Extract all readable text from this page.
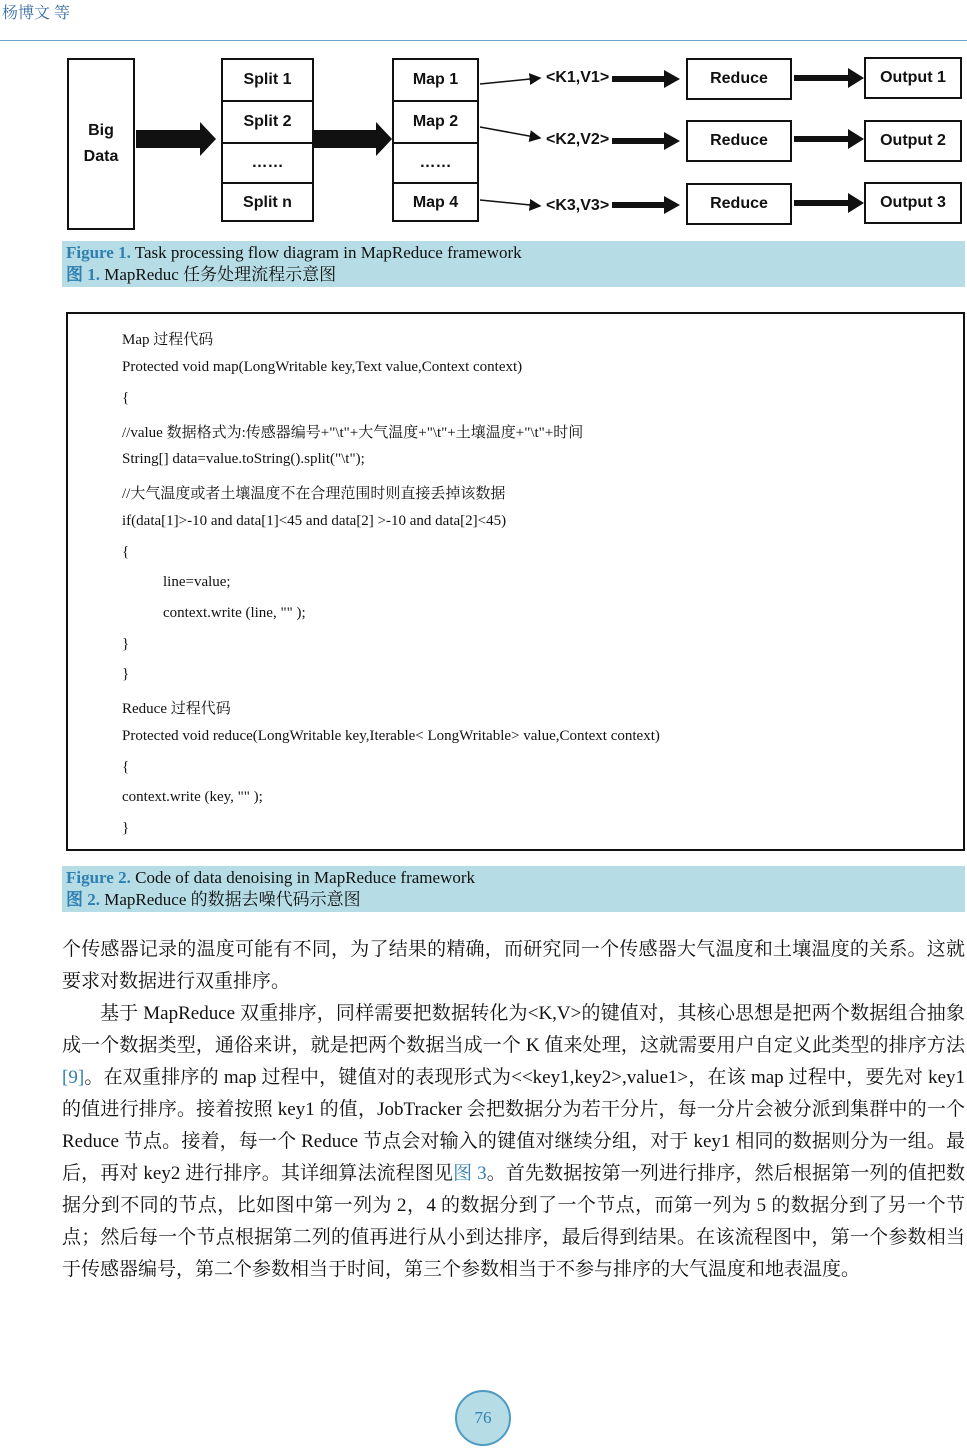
杨博文 等
Big
Data
Split 1
Split 2
……
Split n
Map 1
Map 2
……
Map 4
<K1,V1>
<K2,V2>
<K3,V3>
Reduce
Reduce
Reduce
Output 1
Output 2
Output 3
Figure 1. Task processing flow diagram in MapReduce framework
图 1. MapReduc 任务处理流程示意图
Map 过程代码
Protected void map(LongWritable key,Text value,Context context)
{
//value 数据格式为:传感器编号+"\t"+大气温度+"\t"+土壤温度+"\t"+时间
String[] data=value.toString().split("\t");
//大气温度或者土壤温度不在合理范围时则直接丢掉该数据
if(data[1]>-10 and data[1]<45 and data[2] >-10 and data[2]<45)
{
line=value;
context.write (line, "" );
}
}
Reduce 过程代码
Protected void reduce(LongWritable key,Iterable< LongWritable> value,Context context)
{
context.write (key, "" );
}
Figure 2. Code of data denoising in MapReduce framework
图 2. MapReduce 的数据去噪代码示意图
个传感器记录的温度可能有不同，为了结果的精确，而研究同一个传感器大气温度和土壤温度的关系。这就要求对数据进行双重排序。
基于 MapReduce 双重排序，同样需要把数据转化为<K,V>的键值对，其核心思想是把两个数据组合抽象成一个数据类型，通俗来讲，就是把两个数据当成一个 K 值来处理，这就需要用户自定义此类型的排序方法[9]。在双重排序的 map 过程中，键值对的表现形式为<<key1,key2>,value1>，在该 map 过程中，要先对 key1 的值进行排序。接着按照 key1 的值，JobTracker 会把数据分为若干分片，每一分片会被分派到集群中的一个 Reduce 节点。接着，每一个 Reduce 节点会对输入的键值对继续分组，对于 key1 相同的数据则分为一组。最后，再对 key2 进行排序。其详细算法流程图见图 3。首先数据按第一列进行排序，然后根据第一列的值把数据分到不同的节点，比如图中第一列为 2，4 的数据分到了一个节点，而第一列为 5 的数据分到了另一个节点；然后每一个节点根据第二列的值再进行从小到达排序，最后得到结果。在该流程图中，第一个参数相当于传感器编号，第二个参数相当于时间，第三个参数相当于不参与排序的大气温度和地表温度。
76
